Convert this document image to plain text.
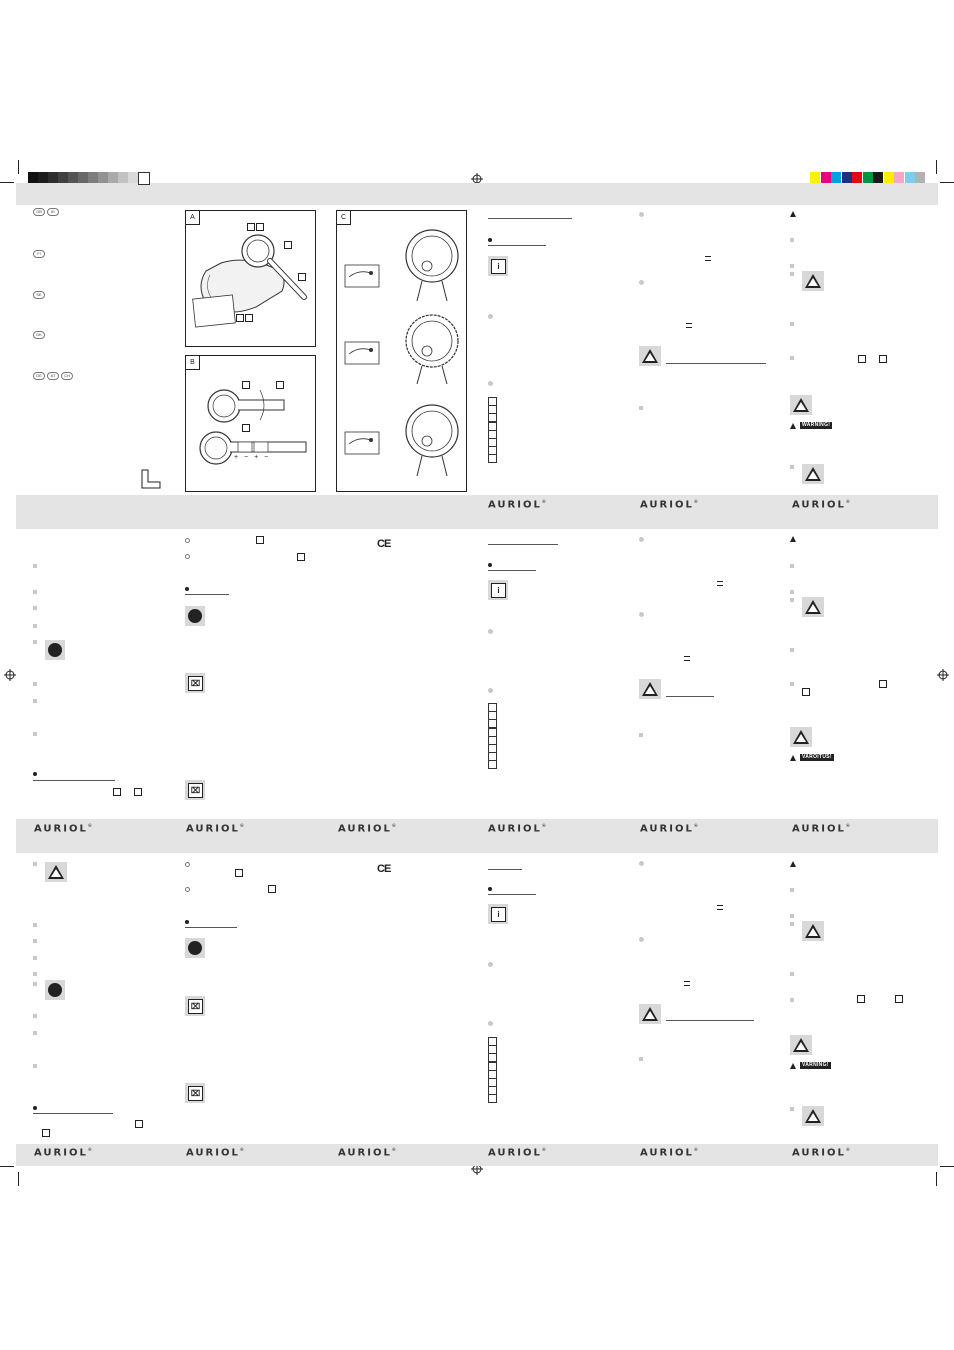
GB IE
FI
SE
DK
DE AT CH
A
B
+ − + −
C
i
WARNING!
AURIOL®	AURIOL®	AURIOL®
CE
⌧
⌧
i
VAROITUS!
AURIOL®	AURIOL®	AURIOL®	AURIOL®	AURIOL®	AURIOL®
CE
⌧
⌧
i
VARNING!
AURIOL®	AURIOL®	AURIOL®	AURIOL®	AURIOL®	AURIOL®
